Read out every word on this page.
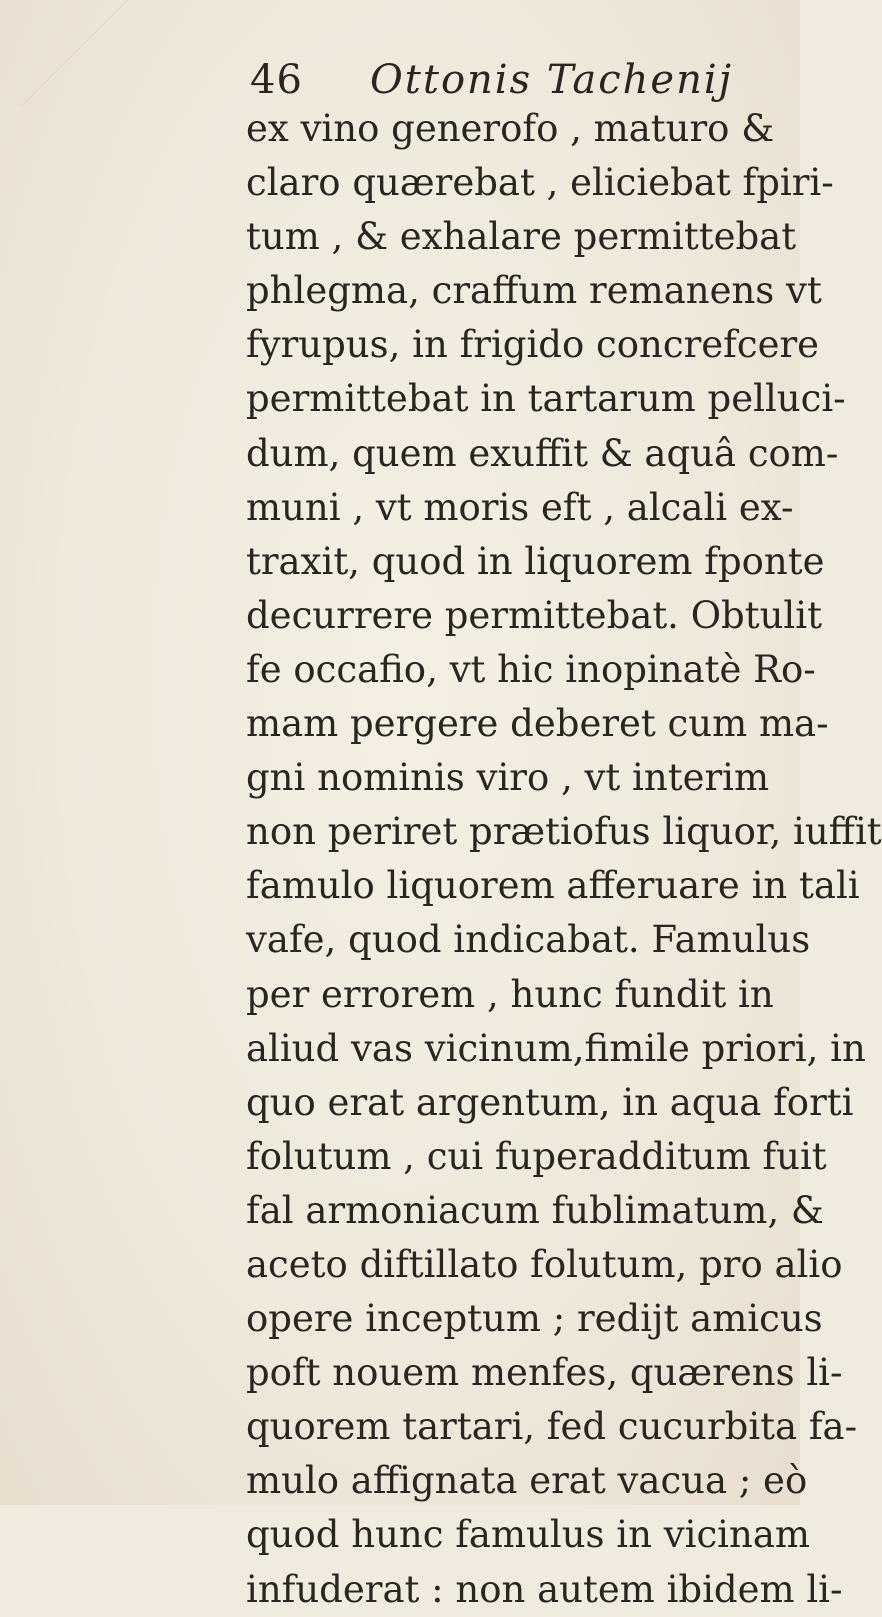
46 Ottonis Tachenij
ex vino generofo , maturo &
claro quærebat , eliciebat fpiri-
tum , & exhalare permittebat
phlegma, craffum remanens vt
fyrupus, in frigido concrefcere
permittebat in tartarum pelluci-
dum, quem exuffit & aquâ com-
muni , vt moris eft , alcali ex-
traxit, quod in liquorem fponte
decurrere permittebat. Obtulit
fe occafio, vt hic inopinatè Ro-
mam pergere deberet cum ma-
gni nominis viro , vt interim
non periret prætiofus liquor, iuffit
famulo liquorem afferuare in tali
vafe, quod indicabat. Famulus
per errorem , hunc fundit in
aliud vas vicinum,fimile priori, in
quo erat argentum, in aqua forti
folutum , cui fuperadditum fuit
fal armoniacum fublimatum, &
aceto diftillato folutum, pro alio
opere inceptum ; redijt amicus
poft nouem menfes, quærens li-
quorem tartari, fed cucurbita fa-
mulo affignata erat vacua ; eò
quod hunc famulus in vicinam
infuderat : non autem ibidem li-
